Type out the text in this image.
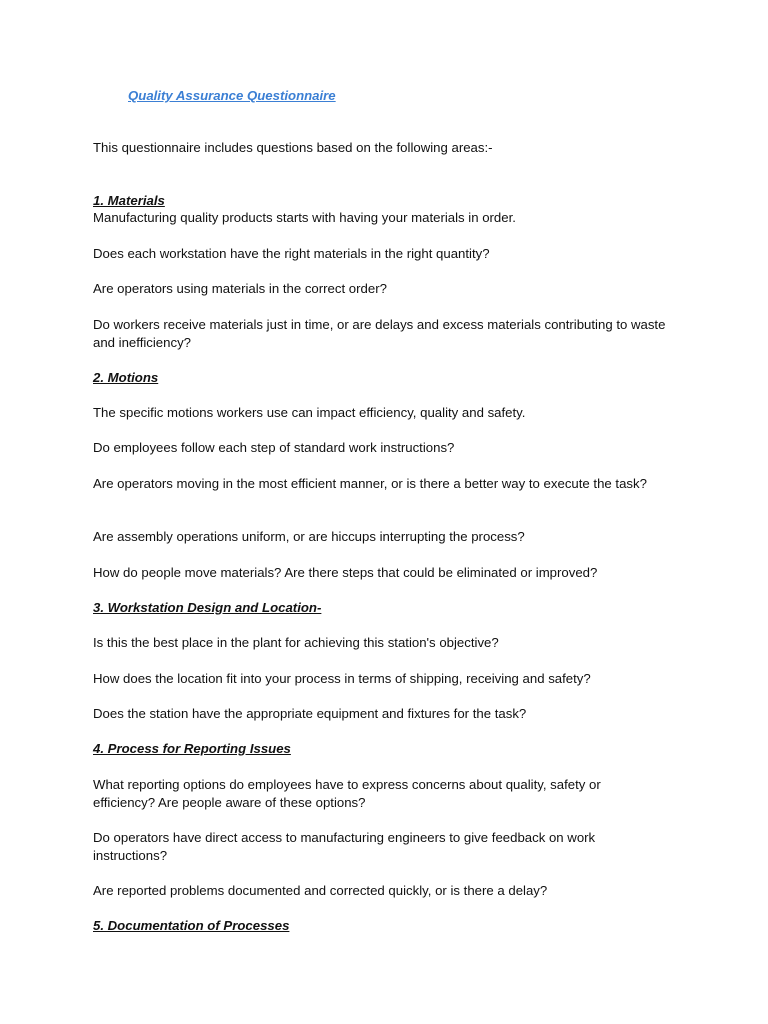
Quality Assurance Questionnaire
This questionnaire includes questions based on the following areas:-
1. Materials
Manufacturing quality products starts with having your materials in order.
Does each workstation have the right materials in the right quantity?
Are operators using materials in the correct order?
Do workers receive materials just in time, or are delays and excess materials contributing to waste and inefficiency?
2. Motions
The specific motions workers use can impact efficiency, quality and safety.
Do employees follow each step of standard work instructions?
Are operators moving in the most efficient manner, or is there a better way to execute the task?
Are assembly operations uniform, or are hiccups interrupting the process?
How do people move materials? Are there steps that could be eliminated or improved?
3. Workstation Design and Location-
Is this the best place in the plant for achieving this station's objective?
How does the location fit into your process in terms of shipping, receiving and safety?
Does the station have the appropriate equipment and fixtures for the task?
4. Process for Reporting Issues
What reporting options do employees have to express concerns about quality, safety or efficiency? Are people aware of these options?
Do operators have direct access to manufacturing engineers to give feedback on work instructions?
Are reported problems documented and corrected quickly, or is there a delay?
5. Documentation of Processes
